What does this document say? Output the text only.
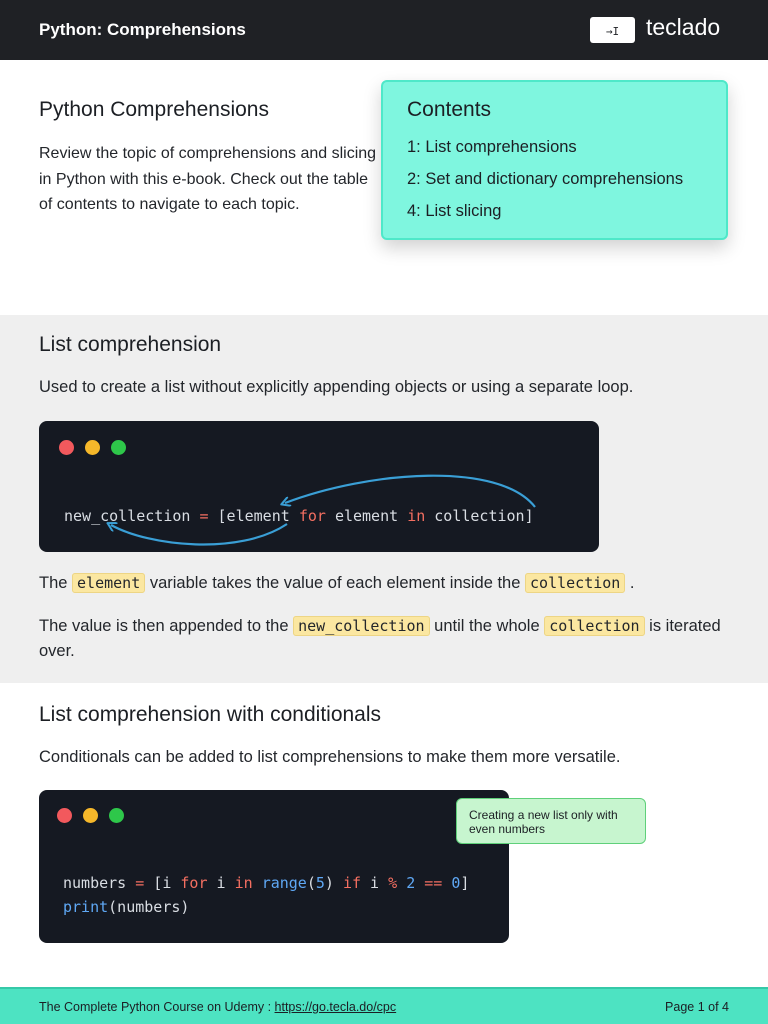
Python: Comprehensions	→I	teclado
Python Comprehensions
Review the topic of comprehensions and slicing in Python with this e-book. Check out the table of contents to navigate to each topic.
Contents
1: List comprehensions
2: Set and dictionary comprehensions
4: List slicing
List comprehension
Used to create a list without explicitly appending objects or using a separate loop.
new_collection = [element for element in collection]
The element variable takes the value of each element inside the collection .
The value is then appended to the new_collection until the whole collection is iterated over.
List comprehension with conditionals
Conditionals can be added to list comprehensions to make them more versatile.
numbers = [i for i in range(5) if i % 2 == 0]
print(numbers)
Creating a new list only with even numbers
The Complete Python Course on Udemy : https://go.tecla.do/cpc	Page 1 of 4
